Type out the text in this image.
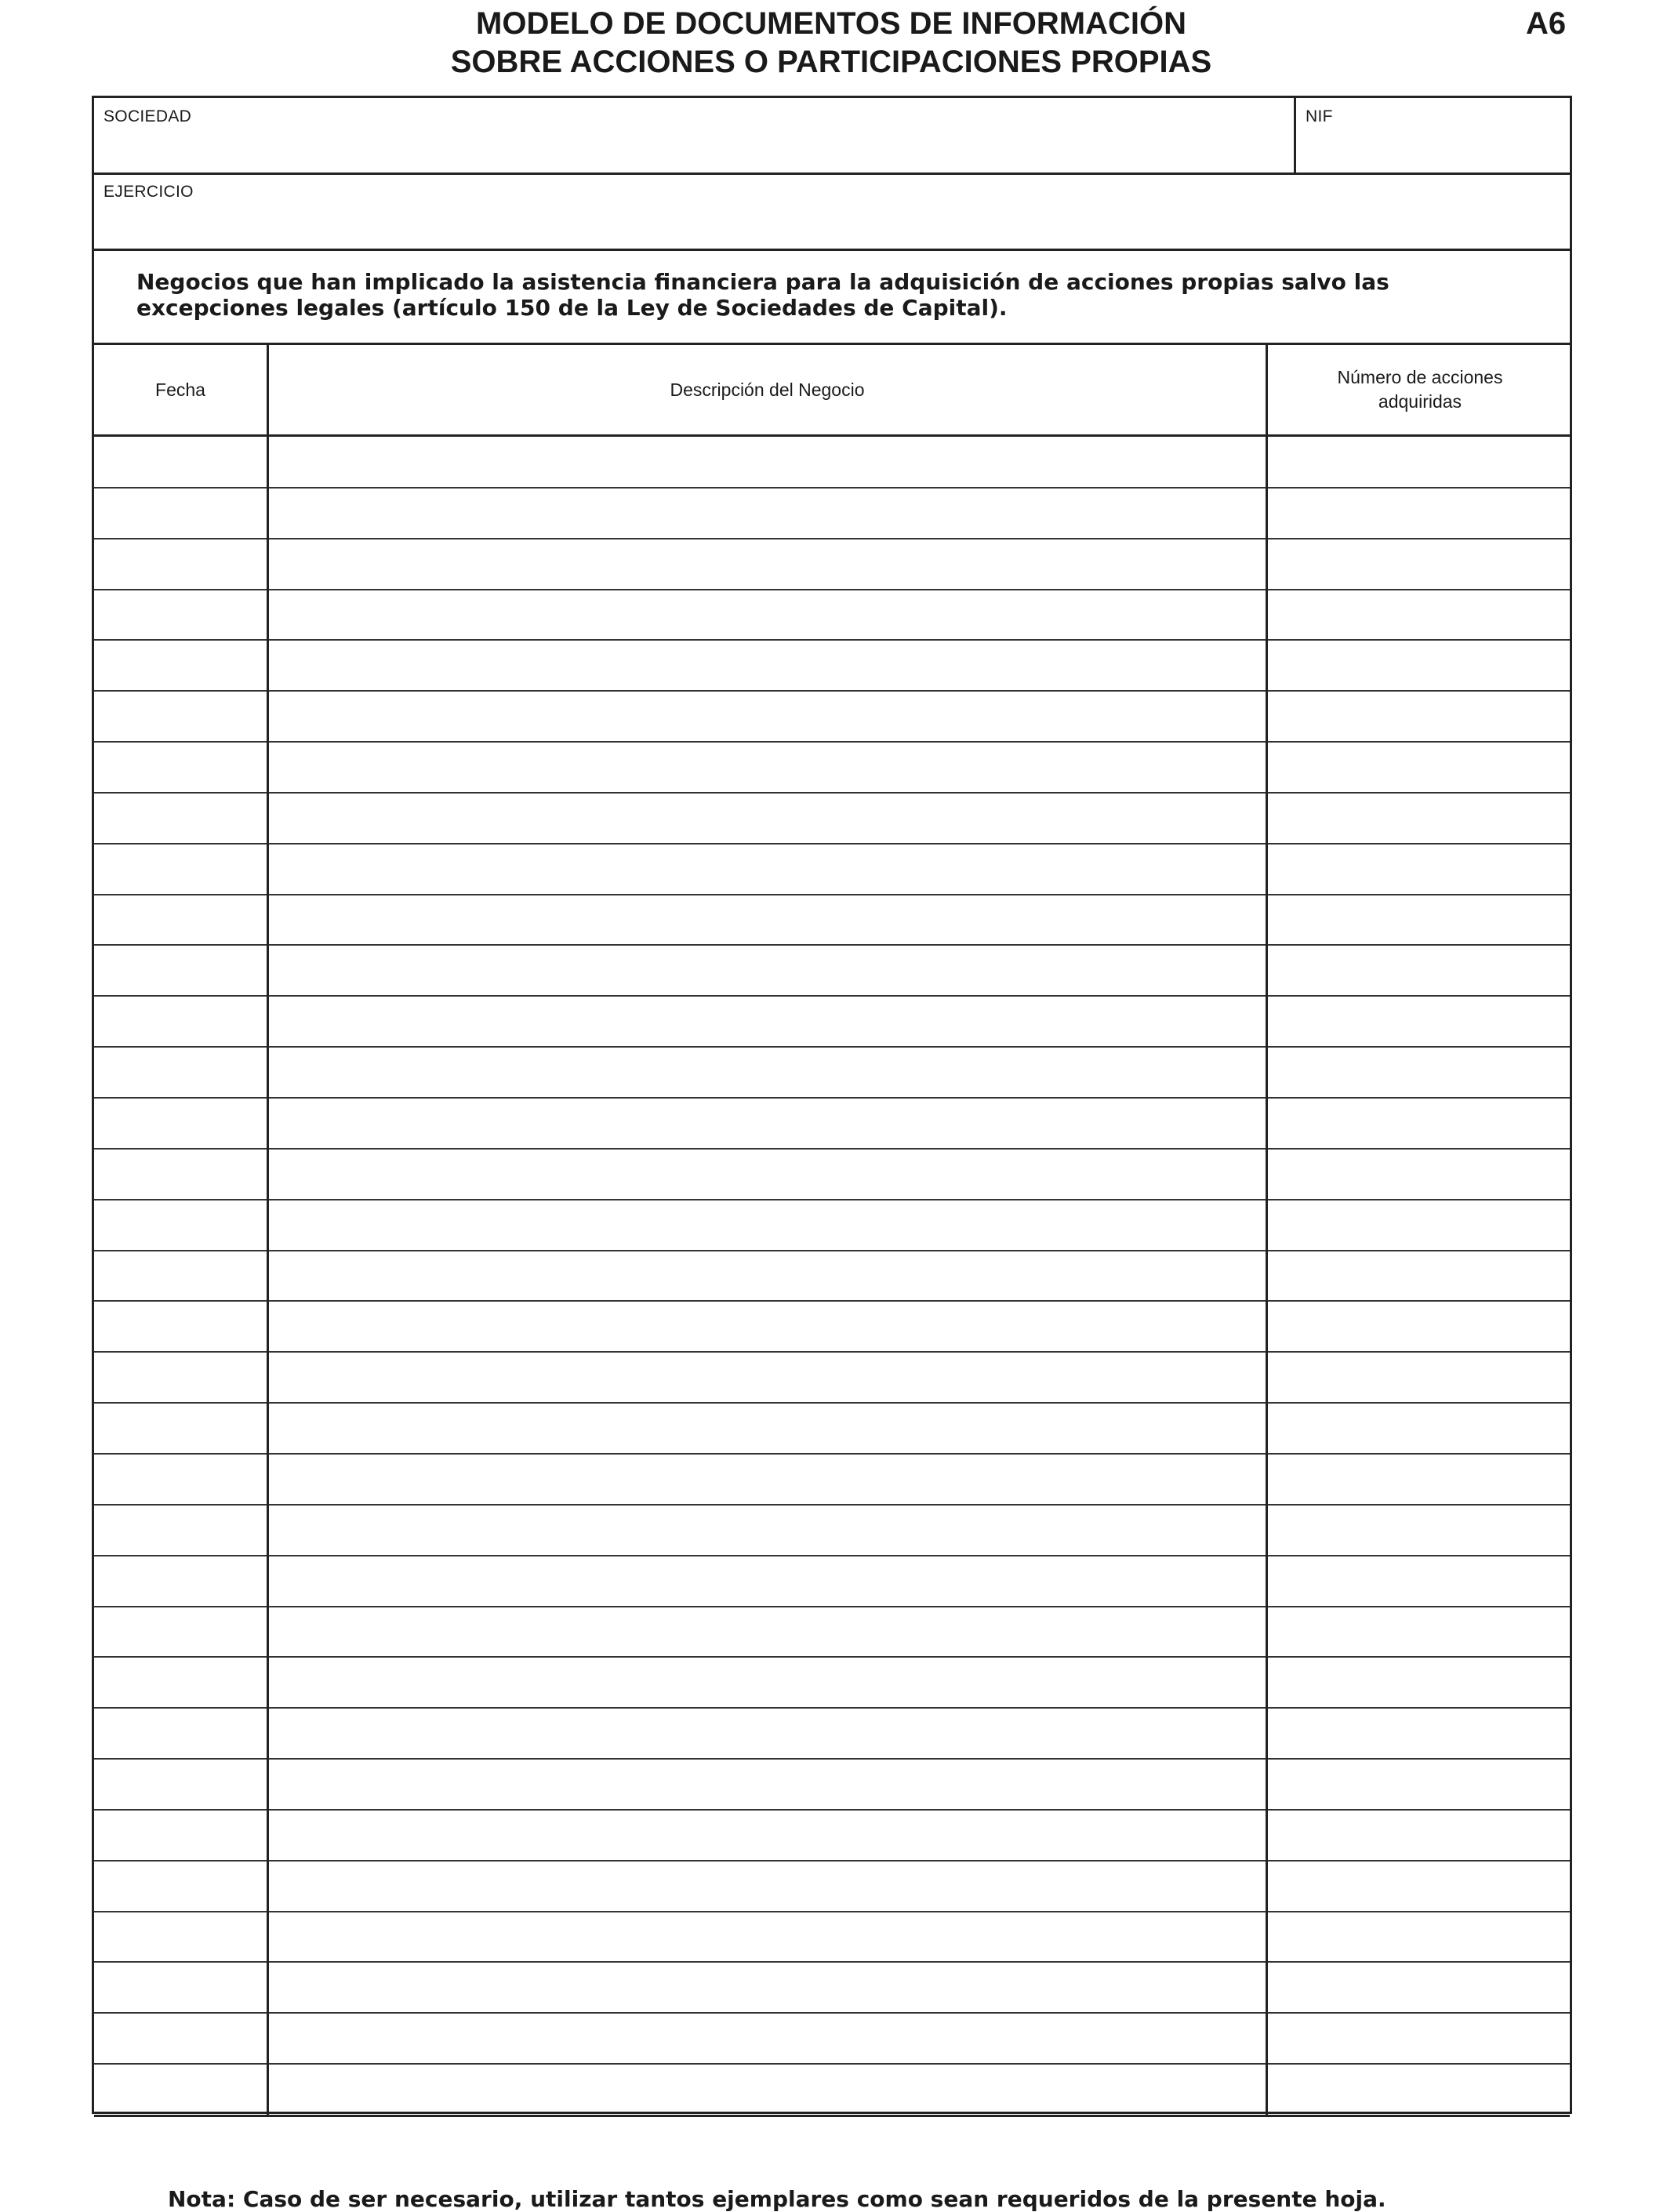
MODELO DE DOCUMENTOS DE INFORMACIÓN
SOBRE ACCIONES O PARTICIPACIONES PROPIAS
A6
SOCIEDAD	NIF
EJERCICIO
Negocios que han implicado la asistencia financiera para la adquisición de acciones propias salvo las excepciones legales (artículo 150 de la Ley de Sociedades de Capital).
Fecha	Descripción del Negocio
Número de acciones adquiridas
Nota: Caso de ser necesario, utilizar tantos ejemplares como sean requeridos de la presente hoja.
